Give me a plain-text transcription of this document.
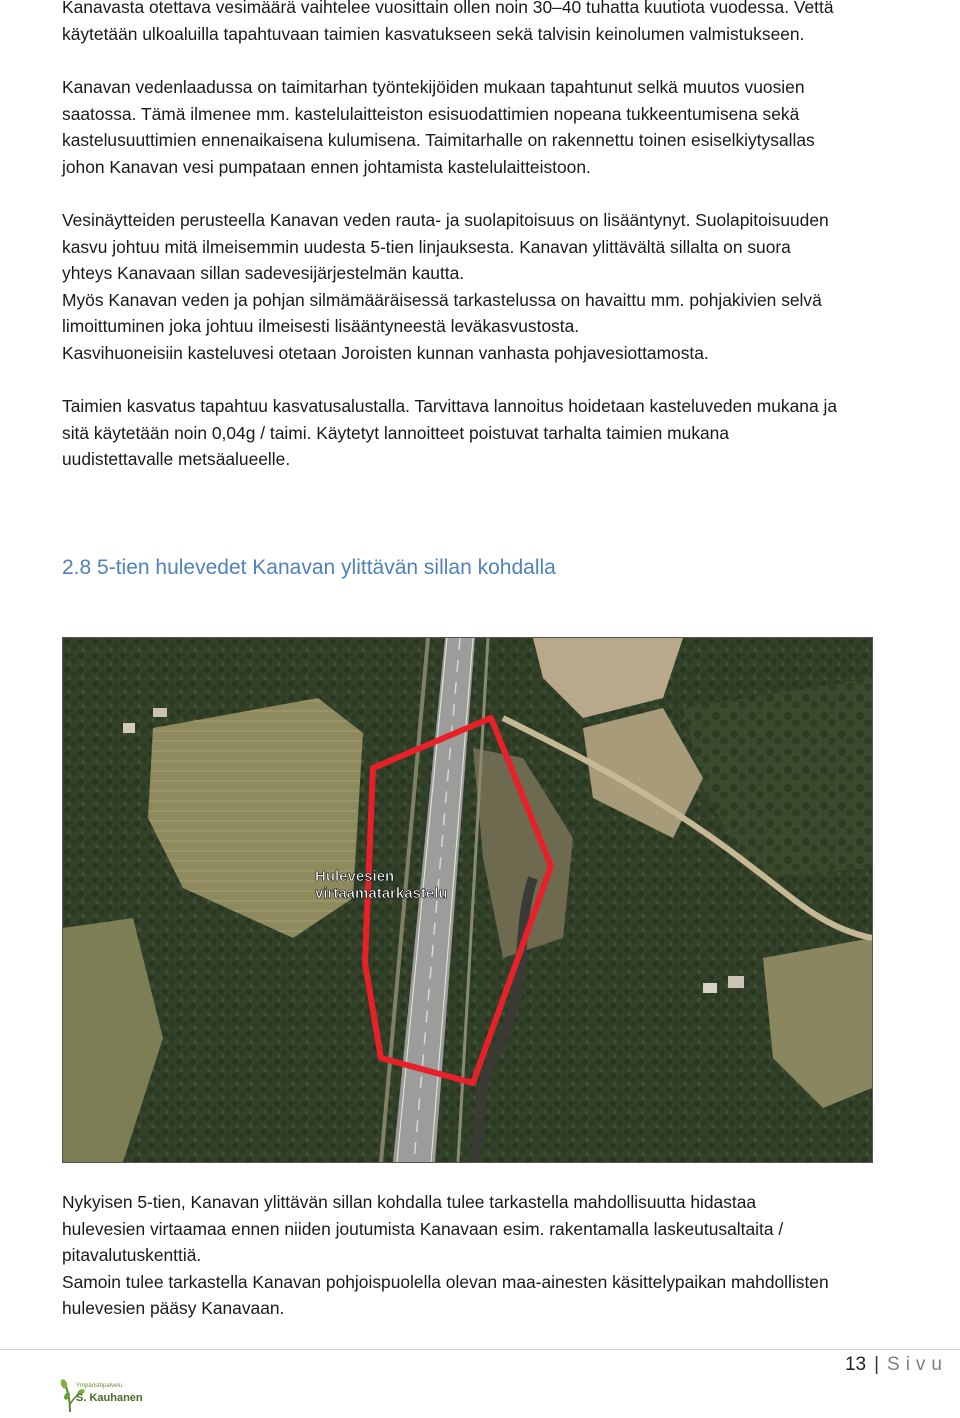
Kanavasta otettava vesimäärä vaihtelee vuosittain ollen noin 30–40 tuhatta kuutiota vuodessa. Vettä
käytetään ulkoaluilla tapahtuvaan taimien kasvatukseen sekä talvisin keinolumen valmistukseen.
Kanavan vedenlaadussa on taimitarhan työntekijöiden mukaan tapahtunut selkä muutos vuosien
saatossa. Tämä ilmenee mm. kastelulaitteiston esisuodattimien nopeana tukkeentumisena sekä
kastelusuuttimien ennenaikaisena kulumisena. Taimitarhalle on rakennettu toinen esiselkiytysallas
johon Kanavan vesi pumpataan ennen johtamista kastelulaitteistoon.
Vesinäytteiden perusteella Kanavan veden rauta- ja suolapitoisuus on lisääntynyt. Suolapitoisuuden
kasvu johtuu mitä ilmeisemmin uudesta 5-tien linjauksesta. Kanavan ylittävältä sillalta on suora
yhteys Kanavaan sillan sadevesijärjestelmän kautta.
Myös Kanavan veden ja pohjan silmämääräisessä tarkastelussa on havaittu mm. pohjakivien selvä
limoittuminen joka johtuu ilmeisesti lisääntyneestä leväkasvustosta.
Kasvihuoneisiin kasteluvesi otetaan Joroisten kunnan vanhasta pohjavesiottamosta.
Taimien kasvatus tapahtuu kasvatusalustalla. Tarvittava lannoitus hoidetaan kasteluveden mukana ja
sitä käytetään noin 0,04g / taimi. Käytetyt lannoitteet poistuvat tarhalta taimien mukana
uudistettavalle metsäalueelle.
2.8 5-tien hulevedet Kanavan ylittävän sillan kohdalla
Hulevesien
virtaamatarkastelu
Nykyisen 5-tien, Kanavan ylittävän sillan kohdalla tulee tarkastella mahdollisuutta hidastaa
hulevesien virtaamaa ennen niiden joutumista Kanavaan esim. rakentamalla laskeutusaltaita /
pitavalutuskenttiä.
Samoin tulee tarkastella Kanavan pohjoispuolella olevan maa-ainesten käsittelypaikan mahdollisten
hulevesien pääsy Kanavaan.
13 | Sivu
Ympäristöpalvelu
S. Kauhanen
